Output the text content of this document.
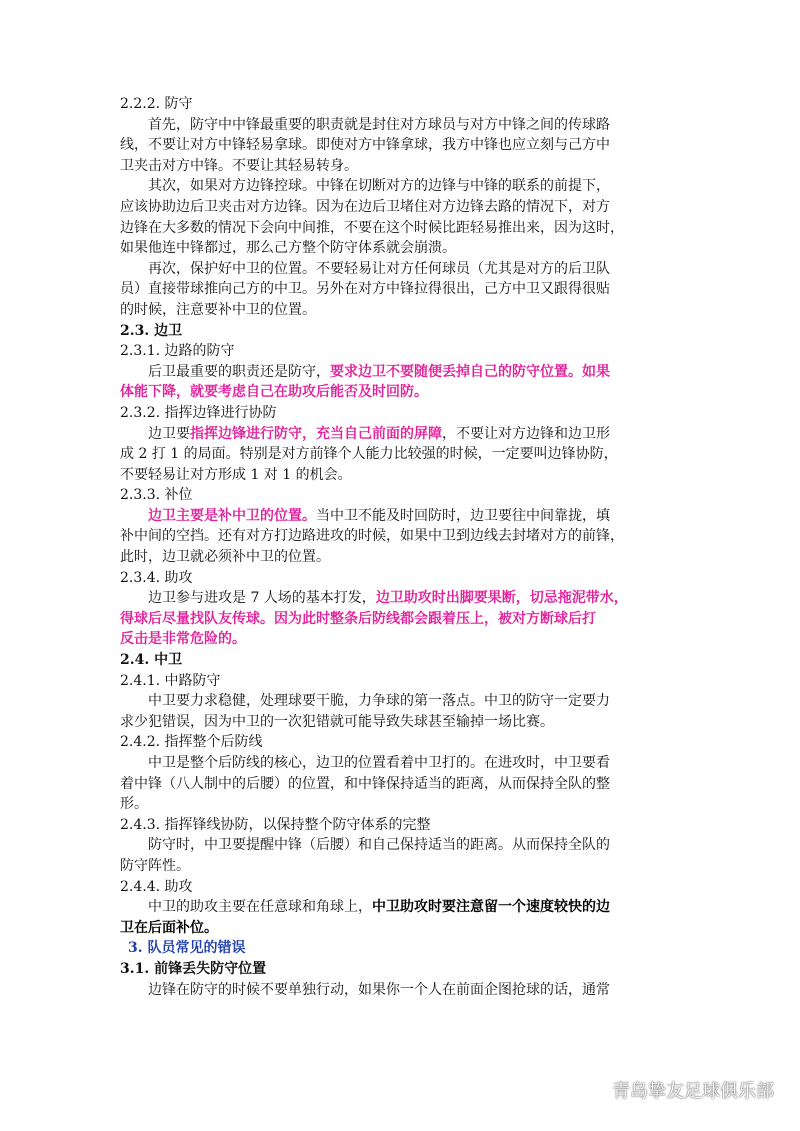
2.2.2. 防守
首先，防守中中锋最重要的职责就是封住对方球员与对方中锋之间的传球路
线，不要让对方中锋轻易拿球。即使对方中锋拿球，我方中锋也应立刻与己方中
卫夹击对方中锋。不要让其轻易转身。
其次，如果对方边锋控球。中锋在切断对方的边锋与中锋的联系的前提下，
应该协助边后卫夹击对方边锋。因为在边后卫堵住对方边锋去路的情况下，对方
边锋在大多数的情况下会向中间推，不要在这个时候比距轻易推出来，因为这时，
如果他连中锋都过，那么己方整个防守体系就会崩溃。
再次，保护好中卫的位置。不要轻易让对方任何球员（尤其是对方的后卫队
员）直接带球推向己方的中卫。另外在对方中锋拉得很出，己方中卫又跟得很贴
的时候，注意要补中卫的位置。
2.3. 边卫
2.3.1. 边路的防守
后卫最重要的职责还是防守，要求边卫不要随便丢掉自己的防守位置。如果
体能下降，就要考虑自己在助攻后能否及时回防。
2.3.2. 指挥边锋进行协防
边卫要指挥边锋进行防守，充当自己前面的屏障，不要让对方边锋和边卫形
成 2 打 1 的局面。特别是对方前锋个人能力比较强的时候，一定要叫边锋协防，
不要轻易让对方形成 1 对 1 的机会。
2.3.3. 补位
边卫主要是补中卫的位置。当中卫不能及时回防时，边卫要往中间靠拢，填
补中间的空挡。还有对方打边路进攻的时候，如果中卫到边线去封堵对方的前锋，
此时，边卫就必须补中卫的位置。
2.3.4. 助攻
边卫参与进攻是 7 人场的基本打发，边卫助攻时出脚要果断，切忌拖泥带水，
得球后尽量找队友传球。因为此时整条后防线都会跟着压上，被对方断球后打
反击是非常危险的。
2.4. 中卫
2.4.1. 中路防守
中卫要力求稳健，处理球要干脆，力争球的第一落点。中卫的防守一定要力
求少犯错误，因为中卫的一次犯错就可能导致失球甚至输掉一场比赛。
2.4.2. 指挥整个后防线
中卫是整个后防线的核心，边卫的位置看着中卫打的。在进攻时，中卫要看
着中锋（八人制中的后腰）的位置，和中锋保持适当的距离，从而保持全队的整
形。
2.4.3. 指挥锋线协防，以保持整个防守体系的完整
防守时，中卫要提醒中锋（后腰）和自己保持适当的距离。从而保持全队的
防守阵性。
2.4.4. 助攻
中卫的助攻主要在任意球和角球上，中卫助攻时要注意留一个速度较快的边
卫在后面补位。
3. 队员常见的错误
3.1. 前锋丢失防守位置
边锋在防守的时候不要单独行动，如果你一个人在前面企图抢球的话，通常
青岛挚友足球俱乐部
